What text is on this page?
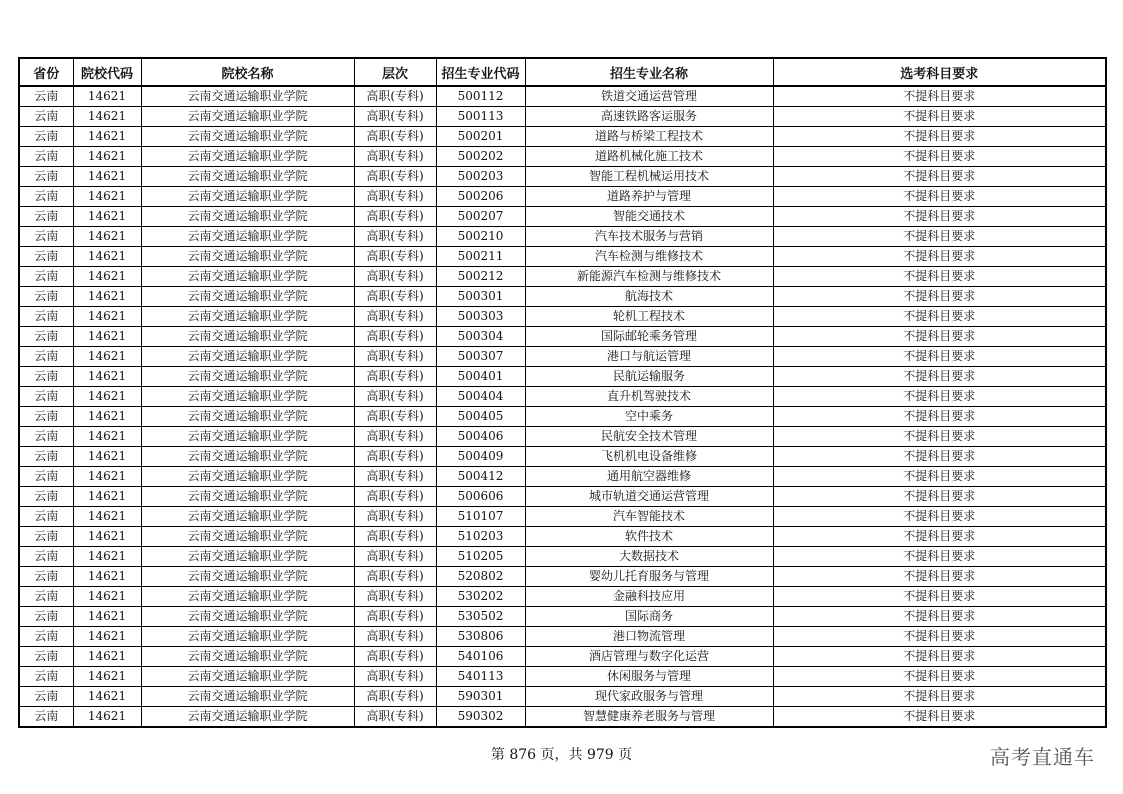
省份	院校代码	院校名称	层次	招生专业代码	招生专业名称	选考科目要求
云南	14621	云南交通运输职业学院	高职(专科)	500112	铁道交通运营管理	不提科目要求
云南	14621	云南交通运输职业学院	高职(专科)	500113	高速铁路客运服务	不提科目要求
云南	14621	云南交通运输职业学院	高职(专科)	500201	道路与桥梁工程技术	不提科目要求
云南	14621	云南交通运输职业学院	高职(专科)	500202	道路机械化施工技术	不提科目要求
云南	14621	云南交通运输职业学院	高职(专科)	500203	智能工程机械运用技术	不提科目要求
云南	14621	云南交通运输职业学院	高职(专科)	500206	道路养护与管理	不提科目要求
云南	14621	云南交通运输职业学院	高职(专科)	500207	智能交通技术	不提科目要求
云南	14621	云南交通运输职业学院	高职(专科)	500210	汽车技术服务与营销	不提科目要求
云南	14621	云南交通运输职业学院	高职(专科)	500211	汽车检测与维修技术	不提科目要求
云南	14621	云南交通运输职业学院	高职(专科)	500212	新能源汽车检测与维修技术	不提科目要求
云南	14621	云南交通运输职业学院	高职(专科)	500301	航海技术	不提科目要求
云南	14621	云南交通运输职业学院	高职(专科)	500303	轮机工程技术	不提科目要求
云南	14621	云南交通运输职业学院	高职(专科)	500304	国际邮轮乘务管理	不提科目要求
云南	14621	云南交通运输职业学院	高职(专科)	500307	港口与航运管理	不提科目要求
云南	14621	云南交通运输职业学院	高职(专科)	500401	民航运输服务	不提科目要求
云南	14621	云南交通运输职业学院	高职(专科)	500404	直升机驾驶技术	不提科目要求
云南	14621	云南交通运输职业学院	高职(专科)	500405	空中乘务	不提科目要求
云南	14621	云南交通运输职业学院	高职(专科)	500406	民航安全技术管理	不提科目要求
云南	14621	云南交通运输职业学院	高职(专科)	500409	飞机机电设备维修	不提科目要求
云南	14621	云南交通运输职业学院	高职(专科)	500412	通用航空器维修	不提科目要求
云南	14621	云南交通运输职业学院	高职(专科)	500606	城市轨道交通运营管理	不提科目要求
云南	14621	云南交通运输职业学院	高职(专科)	510107	汽车智能技术	不提科目要求
云南	14621	云南交通运输职业学院	高职(专科)	510203	软件技术	不提科目要求
云南	14621	云南交通运输职业学院	高职(专科)	510205	大数据技术	不提科目要求
云南	14621	云南交通运输职业学院	高职(专科)	520802	婴幼儿托育服务与管理	不提科目要求
云南	14621	云南交通运输职业学院	高职(专科)	530202	金融科技应用	不提科目要求
云南	14621	云南交通运输职业学院	高职(专科)	530502	国际商务	不提科目要求
云南	14621	云南交通运输职业学院	高职(专科)	530806	港口物流管理	不提科目要求
云南	14621	云南交通运输职业学院	高职(专科)	540106	酒店管理与数字化运营	不提科目要求
云南	14621	云南交通运输职业学院	高职(专科)	540113	休闲服务与管理	不提科目要求
云南	14621	云南交通运输职业学院	高职(专科)	590301	现代家政服务与管理	不提科目要求
云南	14621	云南交通运输职业学院	高职(专科)	590302	智慧健康养老服务与管理	不提科目要求
第 876 页，共 979 页	高考直通车
